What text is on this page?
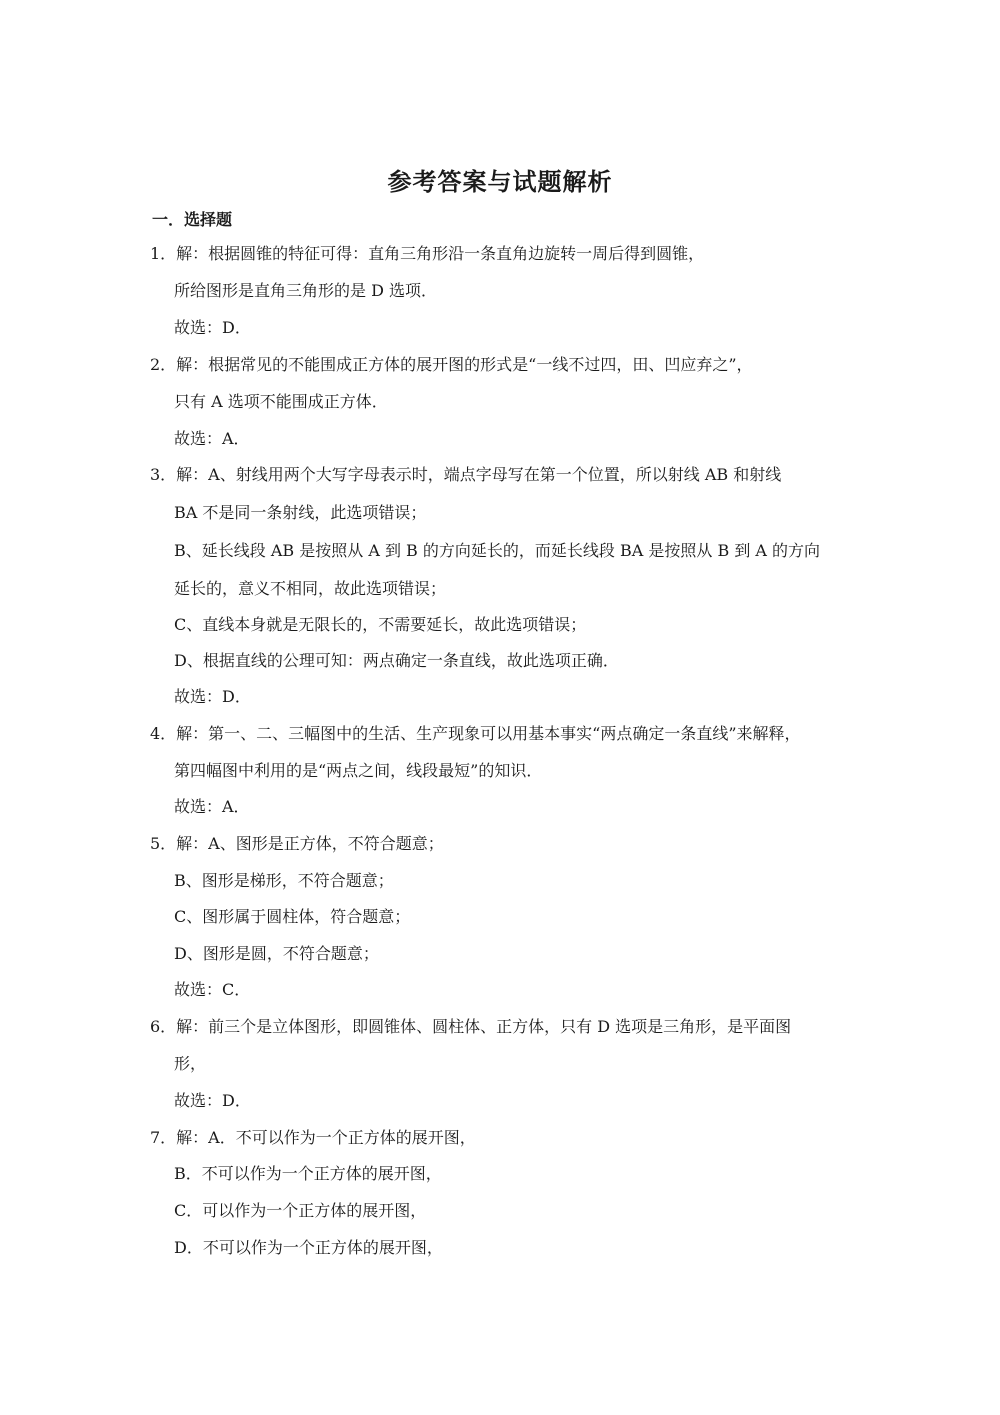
参考答案与试题解析
一．选择题
1．解：根据圆锥的特征可得：直角三角形沿一条直角边旋转一周后得到圆锥，
所给图形是直角三角形的是 D 选项．
故选：D．
2．解：根据常见的不能围成正方体的展开图的形式是“一线不过四，田、凹应弃之”，
只有 A 选项不能围成正方体．
故选：A．
3．解：A、射线用两个大写字母表示时，端点字母写在第一个位置，所以射线 AB 和射线
BA 不是同一条射线，此选项错误；
B、延长线段 AB 是按照从 A 到 B 的方向延长的，而延长线段 BA 是按照从 B 到 A 的方向
延长的，意义不相同，故此选项错误；
C、直线本身就是无限长的，不需要延长，故此选项错误；
D、根据直线的公理可知：两点确定一条直线，故此选项正确．
故选：D．
4．解：第一、二、三幅图中的生活、生产现象可以用基本事实“两点确定一条直线”来解释，
第四幅图中利用的是“两点之间，线段最短”的知识．
故选：A．
5．解：A、图形是正方体，不符合题意；
B、图形是梯形，不符合题意；
C、图形属于圆柱体，符合题意；
D、图形是圆，不符合题意；
故选：C．
6．解：前三个是立体图形，即圆锥体、圆柱体、正方体，只有 D 选项是三角形，是平面图
形，
故选：D．
7．解：A．不可以作为一个正方体的展开图，
B．不可以作为一个正方体的展开图，
C．可以作为一个正方体的展开图，
D．不可以作为一个正方体的展开图，
